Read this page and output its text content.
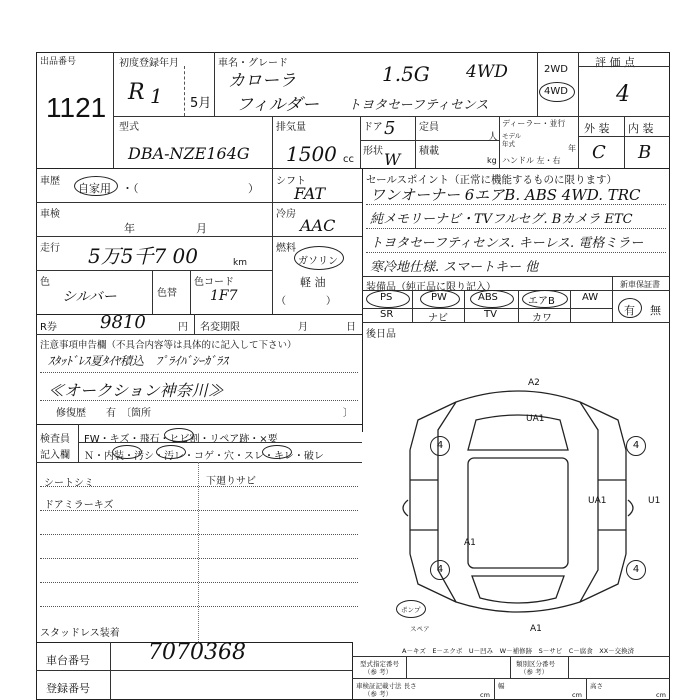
出品番号
1121
初度登録年月
R 1 5月
車名・グレード
カローラ
フィルダー
1.5G 4WD
トヨタセーフティセンス
2WD
4WD
評 価 点
4
型式
DBA-NZE164G
排気量
1500 cc
ドア 5 定員
人
形状 W 積載
kg
ディーラー・並行
モデル
年式	年
ハンドル 左・右
外 装 内 装
C B
車歴
自家用 ・（	）
車検
年	月
走行 5万5千7 00	km
色
シルバー	色替
色コード
1F7
シフト
FAT
冷房
AAC
燃料
ガソリン
軽 油
（　　　　）
セールスポイント（正常に機能するものに限ります）
ワンオーナー 6エアB. ABS 4WD. TRC
純メモリーナビ・TVフルセグ. Bカメラ ETC
トヨタセーフティセンス. キーレス. 電格ミラー
寒冷地仕様. スマートキー 他
装備品（純正品に限り記入）	新車保証書
PS	PW	ABS	エアB	AW
SR	ナビ	TV	カワ
有 無
後日品
R券 9810	円 名変期限	月	日
注意事項申告欄（不具合内容等は具体的に記入して下さい）
ｽﾀｯﾄﾞﾚｽ夏ﾀｲﾔ積込　ﾌﾟﾗｲﾊﾞｼｰｶﾞﾗｽ
≪オークション神奈川≫
修復歴　　有　〔箇所	〕
検査員
記入欄
FW・キズ・飛石・ヒビ割・リペア跡・×要
Ｎ・内装・汚シ・汚レ・コゲ・穴・スレ・キレ・破レ
シートシミ
ドアミラーキズ
下廻りサビ
スタッドレス装着
A2
UA1
UA1	U1
A1
A1
4	4
4	4
ポンプ
スペア
A－キズ　E－エクボ　U－凹み　W－補修跡　S－サビ　C－腐食　XX－交換済
車台番号	7070368
登録番号
型式指定番号
（参 考）
類別区分番号
（参 考）
車検証記載寸法 長さ
（参 考）	cm
幅
cm
高さ
cm
